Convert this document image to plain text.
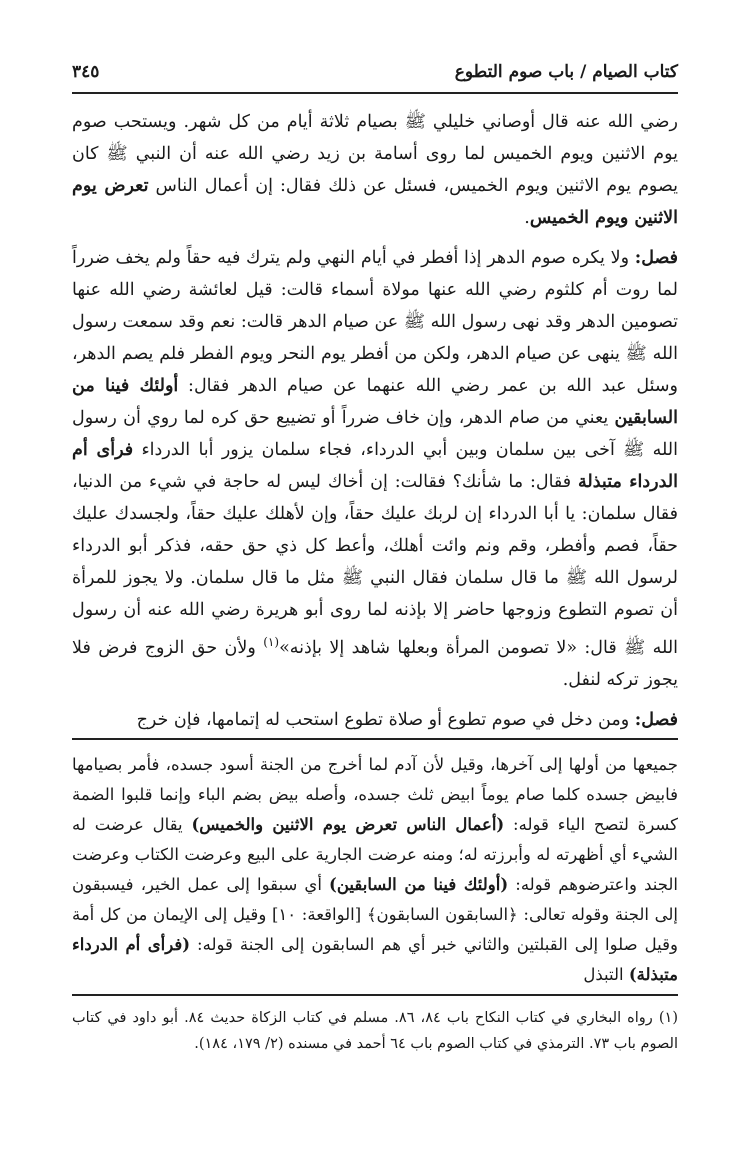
كتاب الصيام / باب صوم التطوع
٣٤٥

رضي الله عنه قال أوصاني خليلي ﷺ بصيام ثلاثة أيام من كل شهر. ويستحب صوم يوم الاثنين ويوم الخميس لما روى أسامة بن زيد رضي الله عنه أن النبي ﷺ كان يصوم يوم الاثنين ويوم الخميس، فسئل عن ذلك فقال: إن أعمال الناس تعرض يوم الاثنين ويوم الخميس.

فصل: ولا يكره صوم الدهر إذا أفطر في أيام النهي ولم يترك فيه حقاً ولم يخف ضرراً لما روت أم كلثوم رضي الله عنها مولاة أسماء قالت: قيل لعائشة رضي الله عنها تصومين الدهر وقد نهى رسول الله ﷺ عن صيام الدهر قالت: نعم وقد سمعت رسول الله ﷺ ينهى عن صيام الدهر، ولكن من أفطر يوم النحر ويوم الفطر فلم يصم الدهر، وسئل عبد الله بن عمر رضي الله عنهما عن صيام الدهر فقال: أولئك فينا من السابقين يعني من صام الدهر، وإن خاف ضرراً أو تضييع حق كره لما روي أن رسول الله ﷺ آخى بين سلمان وبين أبي الدرداء، فجاء سلمان يزور أبا الدرداء فرأى أم الدرداء متبذلة فقال: ما شأنك؟ فقالت: إن أخاك ليس له حاجة في شيء من الدنيا، فقال سلمان: يا أبا الدرداء إن لربك عليك حقاً، وإن لأهلك عليك حقاً، ولجسدك عليك حقاً، فصم وأفطر، وقم ونم وائت أهلك، وأعط كل ذي حق حقه، فذكر أبو الدرداء لرسول الله ﷺ ما قال سلمان فقال النبي ﷺ مثل ما قال سلمان. ولا يجوز للمرأة أن تصوم التطوع وزوجها حاضر إلا بإذنه لما روى أبو هريرة رضي الله عنه أن رسول الله ﷺ قال: «لا تصومن المرأة وبعلها شاهد إلا بإذنه»$^{(١)}$ ولأن حق الزوج فرض فلا يجوز تركه لنفل.

فصل: ومن دخل في صوم تطوع أو صلاة تطوع استحب له إتمامها، فإن خرج

جميعها من أولها إلى آخرها، وقيل لأن آدم لما أخرج من الجنة أسود جسده، فأمر بصيامها فابيض جسده كلما صام يوماً ابيض ثلث جسده، وأصله بيض بضم الباء وإنما قلبوا الضمة كسرة لتصح الياء قوله: (أعمال الناس تعرض يوم الاثنين والخميس) يقال عرضت له الشيء أي أظهرته له وأبرزته له؛ ومنه عرضت الجارية على البيع وعرضت الكتاب وعرضت الجند واعترضوهم قوله: (أولئك فينا من السابقين) أي سبقوا إلى عمل الخير، فيسبقون إلى الجنة وقوله تعالى: ﴿السابقون السابقون﴾ [الواقعة: ١٠] وقيل إلى الإيمان من كل أمة وقيل صلوا إلى القبلتين والثاني خبر أي هم السابقون إلى الجنة قوله: (فرأى أم الدرداء متبذلة) التبذل

(١) رواه البخاري في كتاب النكاح باب ٨٤، ٨٦. مسلم في كتاب الزكاة حديث ٨٤. أبو داود في كتاب الصوم باب ٧٣. الترمذي في كتاب الصوم باب ٦٤ أحمد في مسنده (٢/ ١٧٩، ١٨٤).
